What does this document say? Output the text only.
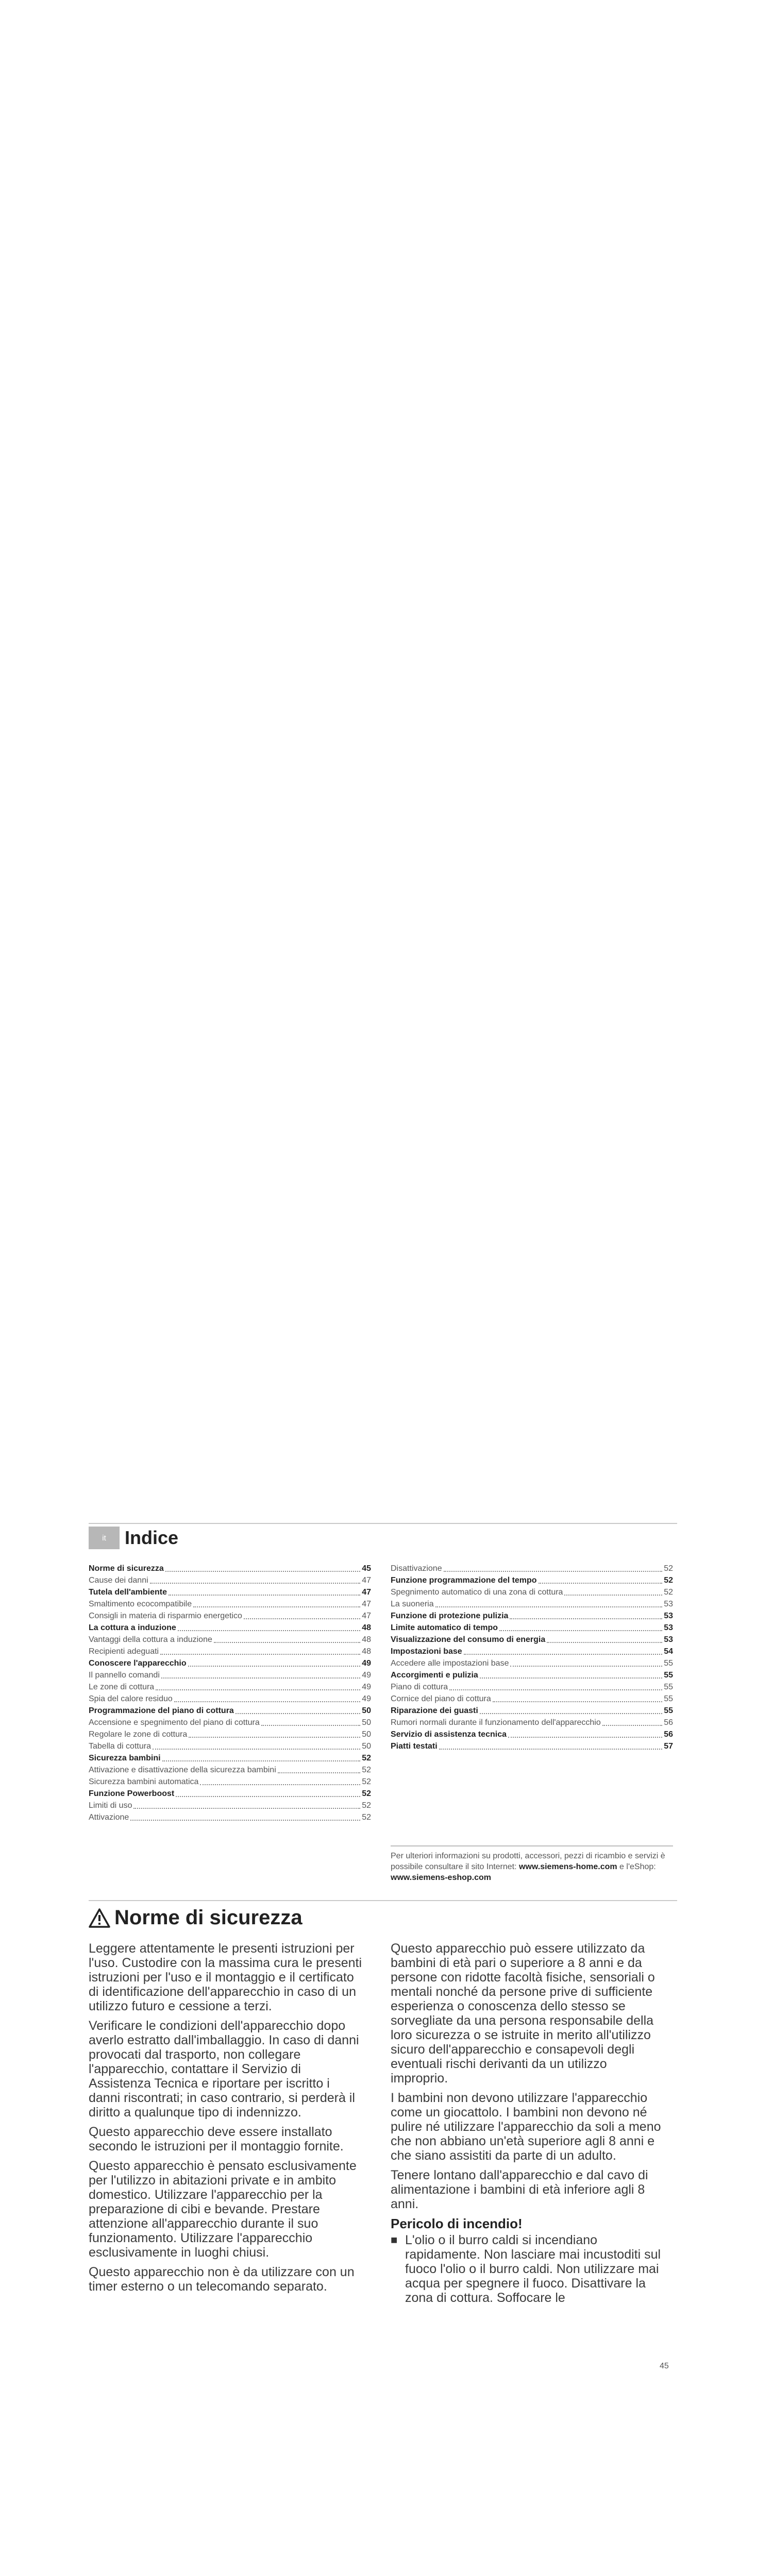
it	Indice
Norme di sicurezza	45
Cause dei danni	47
Tutela dell'ambiente	47
Smaltimento ecocompatibile	47
Consigli in materia di risparmio energetico	47
La cottura a induzione	48
Vantaggi della cottura a induzione	48
Recipienti adeguati	48
Conoscere l'apparecchio	49
Il pannello comandi	49
Le zone di cottura	49
Spia del calore residuo	49
Programmazione del piano di cottura	50
Accensione e spegnimento del piano di cottura	50
Regolare le zone di cottura	50
Tabella di cottura	50
Sicurezza bambini	52
Attivazione e disattivazione della sicurezza bambini	52
Sicurezza bambini automatica	52
Funzione Powerboost	52
Limiti di uso	52
Attivazione	52
Disattivazione	52
Funzione programmazione del tempo	52
Spegnimento automatico di una zona di cottura	52
La suoneria	53
Funzione di protezione pulizia	53
Limite automatico di tempo	53
Visualizzazione del consumo di energia	53
Impostazioni base	54
Accedere alle impostazioni base	55
Accorgimenti e pulizia	55
Piano di cottura	55
Cornice del piano di cottura	55
Riparazione dei guasti	55
Rumori normali durante il funzionamento dell'apparecchio	56
Servizio di assistenza tecnica	56
Piatti testati	57
Per ulteriori informazioni su prodotti, accessori, pezzi di ricambio e servizi è possibile consultare il sito Internet: www.siemens-home.com e l'eShop: www.siemens-eshop.com
Norme di sicurezza

Leggere attentamente le presenti istruzioni per l'uso. Custodire con la massima cura le presenti istruzioni per l'uso e il montaggio e il certificato di identificazione dell'apparecchio in caso di un utilizzo futuro e cessione a terzi.

Verificare le condizioni dell'apparecchio dopo averlo estratto dall'imballaggio. In caso di danni provocati dal trasporto, non collegare l'apparecchio, contattare il Servizio di Assistenza Tecnica e riportare per iscritto i danni riscontrati; in caso contrario, si perderà il diritto a qualunque tipo di indennizzo.

Questo apparecchio deve essere installato secondo le istruzioni per il montaggio fornite.

Questo apparecchio è pensato esclusivamente per l'utilizzo in abitazioni private e in ambito domestico. Utilizzare l'apparecchio per la preparazione di cibi e bevande. Prestare attenzione all'apparecchio durante il suo funzionamento. Utilizzare l'apparecchio esclusivamente in luoghi chiusi.

Questo apparecchio non è da utilizzare con un timer esterno o un telecomando separato.

Questo apparecchio può essere utilizzato da bambini di età pari o superiore a 8 anni e da persone con ridotte facoltà fisiche, sensoriali o mentali nonché da persone prive di sufficiente esperienza o conoscenza dello stesso se sorvegliate da una persona responsabile della loro sicurezza o se istruite in merito all'utilizzo sicuro dell'apparecchio e consapevoli degli eventuali rischi derivanti da un utilizzo improprio.

I bambini non devono utilizzare l'apparecchio come un giocattolo. I bambini non devono né pulire né utilizzare l'apparecchio da soli a meno che non abbiano un'età superiore agli 8 anni e che siano assistiti da parte di un adulto.

Tenere lontano dall'apparecchio e dal cavo di alimentazione i bambini di età inferiore agli 8 anni.

Pericolo di incendio!
■ L'olio o il burro caldi si incendiano rapidamente. Non lasciare mai incustoditi sul fuoco l'olio o il burro caldi. Non utilizzare mai acqua per spegnere il fuoco. Disattivare la zona di cottura. Soffocare le
45
